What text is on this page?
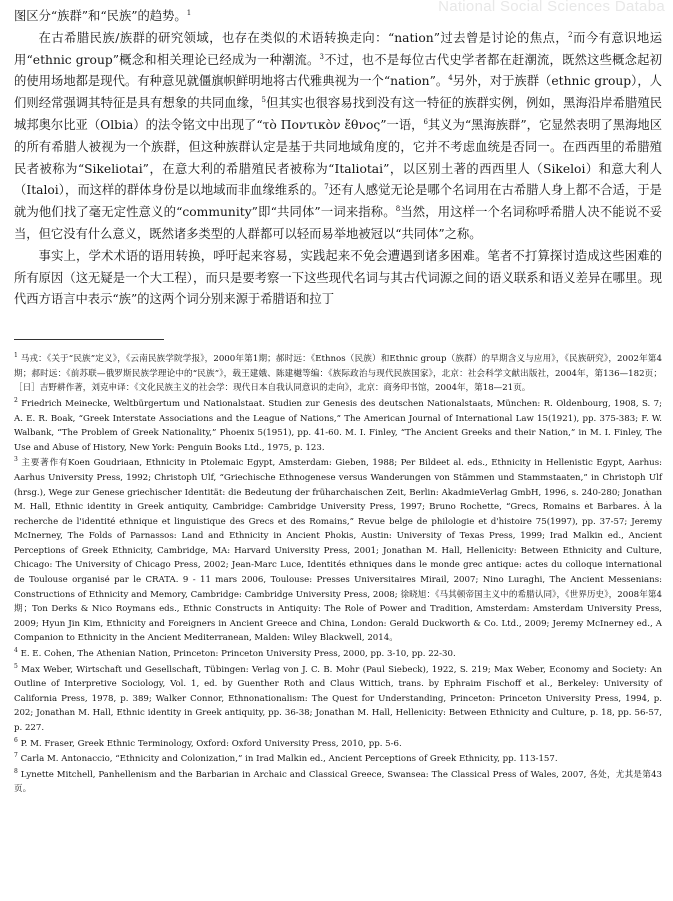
National Social Sciences Databa

图区分“族群”和“民族”的趋势。$^1$

在古希腊民族/族群的研究领域，也存在类似的术语转换走向：“nation”过去曾是讨论的焦点，$^2$而今有意识地运用“ethnic group”概念和相关理论已经成为一种潮流。$^3$不过，也不是每位古代史学者都在赶潮流，既然这些概念起初的使用场地都是现代。有种意见就僵旗帜鲜明地将古代雅典视为一个“nation”。$^4$另外，对于族群（ethnic group），人们则经常强调其特征是具有想象的共同血缘，$^5$但其实也很容易找到没有这一特征的族群实例，例如，黑海沿岸希腊殖民城邦奥尔比亚（Olbia）的法令铭文中出现了“τὸ Ποντικὸν ἔθνος”一语，$^6$其义为“黑海族群”，它显然表明了黑海地区的所有希腊人被视为一个族群，但这种族群认定是基于共同地域角度的，它并不考虑血统是否同一。在西西里的希腊殖民者被称为“Sikeliotai”，在意大利的希腊殖民者被称为“Italiotai”，以区别土著的西西里人（Sikeloi）和意大利人（Italoi），而这样的群体身份是以地域而非血缘维系的。$^7$还有人感觉无论是哪个名词用在古希腊人身上都不合适，于是就为他们找了毫无定性意义的“community”即“共同体”一词来指称。$^8$当然，用这样一个名词称呼希腊人决不能说不妥当，但它没有什么意义，既然诸多类型的人群都可以轻而易举地被冠以“共同体”之称。

事实上，学术术语的语用转换，呼吁起来容易，实践起来不免会遭遇到诸多困难。笔者不打算探讨造成这些困难的所有原因（这无疑是一个大工程），而只是要考察一下这些现代名词与其古代词源之间的语义联系和语义差异在哪里。现代西方语言中表示“族”的这两个词分别来源于希腊语和拉丁

$^1$ 马戎：《关于“民族”定义》，《云南民族学院学报》，2000年第1期；郝时远：《Ethnos（民族）和Ethnic group（族群）的早期含义与应用》，《民族研究》，2002年第4期；郝时远：《前苏联—俄罗斯民族学理论中的“民族”》，载王建娥、陈建樾等编：《族际政治与现代民族国家》，北京：社会科学文献出版社，2004年，第136—182页；［日］吉野耕作著，刘克申译：《文化民族主义的社会学：现代日本自我认同意识的走向》，北京：商务印书馆，2004年，第18—21页。

$^2$ Friedrich Meinecke, Weltbürgertum und Nationalstaat. Studien zur Genesis des deutschen Nationalstaats, München: R. Oldenbourg, 1908, S. 7; A. E. R. Boak, “Greek Interstate Associations and the League of Nations,” The American Journal of International Law 15(1921), pp. 375-383; F. W. Walbank, “The Problem of Greek Nationality,” Phoenix 5(1951), pp. 41-60. M. I. Finley, “The Ancient Greeks and their Nation,” in M. I. Finley, The Use and Abuse of History, New York: Penguin Books Ltd., 1975, p. 123.

$^3$ 主要著作有Koen Goudriaan, Ethnicity in Ptolemaic Egypt, Amsterdam: Gieben, 1988; Per Bildeet al. eds., Ethnicity in Hellenistic Egypt, Aarhus: Aarhus University Press, 1992; Christoph Ulf, “Griechische Ethnogenese versus Wanderungen von Stämmen und Stammstaaten,” in Christoph Ulf (hrsg.), Wege zur Genese griechischer Identität: die Bedeutung der früharchaischen Zeit, Berlin: AkadmieVerlag GmbH, 1996, s. 240-280; Jonathan M. Hall, Ethnic identity in Greek antiquity, Cambridge: Cambridge University Press, 1997; Bruno Rochette, “Grecs, Romains et Barbares. À la recherche de l'identité ethnique et linguistique des Grecs et des Romains,” Revue belge de philologie et d'histoire 75(1997), pp. 37-57; Jeremy McInerney, The Folds of Parnassos: Land and Ethnicity in Ancient Phokis, Austin: University of Texas Press, 1999; Irad Malkin ed., Ancient Perceptions of Greek Ethnicity, Cambridge, MA: Harvard University Press, 2001; Jonathan M. Hall, Hellenicity: Between Ethnicity and Culture, Chicago: The University of Chicago Press, 2002; Jean-Marc Luce, Identités ethniques dans le monde grec antique: actes du colloque international de Toulouse organisé par le CRATA. 9 - 11 mars 2006, Toulouse: Presses Universitaires Mirail, 2007; Nino Luraghi, The Ancient Messenians: Constructions of Ethnicity and Memory, Cambridge: Cambridge University Press, 2008; 徐晓旭：《马其顿帝国主义中的希腊认同》，《世界历史》，2008年第4期；Ton Derks & Nico Roymans eds., Ethnic Constructs in Antiquity: The Role of Power and Tradition, Amsterdam: Amsterdam University Press, 2009; Hyun Jin Kim, Ethnicity and Foreigners in Ancient Greece and China, London: Gerald Duckworth & Co. Ltd., 2009; Jeremy McInerney ed., A Companion to Ethnicity in the Ancient Mediterranean, Malden: Wiley Blackwell, 2014。

$^4$ E. E. Cohen, The Athenian Nation, Princeton: Princeton University Press, 2000, pp. 3-10, pp. 22-30.

$^5$ Max Weber, Wirtschaft und Gesellschaft, Tübingen: Verlag von J. C. B. Mohr (Paul Siebeck), 1922, S. 219; Max Weber, Economy and Society: An Outline of Interpretive Sociology, Vol. 1, ed. by Guenther Roth and Claus Wittich, trans. by Ephraim Fischoff et al., Berkeley: University of California Press, 1978, p. 389; Walker Connor, Ethnonationalism: The Quest for Understanding, Princeton: Princeton University Press, 1994, p. 202; Jonathan M. Hall, Ethnic identity in Greek antiquity, pp. 36-38; Jonathan M. Hall, Hellenicity: Between Ethnicity and Culture, p. 18, pp. 56-57, p. 227.

$^6$ P. M. Fraser, Greek Ethnic Terminology, Oxford: Oxford University Press, 2010, pp. 5-6.

$^7$ Carla M. Antonaccio, “Ethnicity and Colonization,” in Irad Malkin ed., Ancient Perceptions of Greek Ethnicity, pp. 113-157.

$^8$ Lynette Mitchell, Panhellenism and the Barbarian in Archaic and Classical Greece, Swansea: The Classical Press of Wales, 2007, 各处，尤其是第43页。
